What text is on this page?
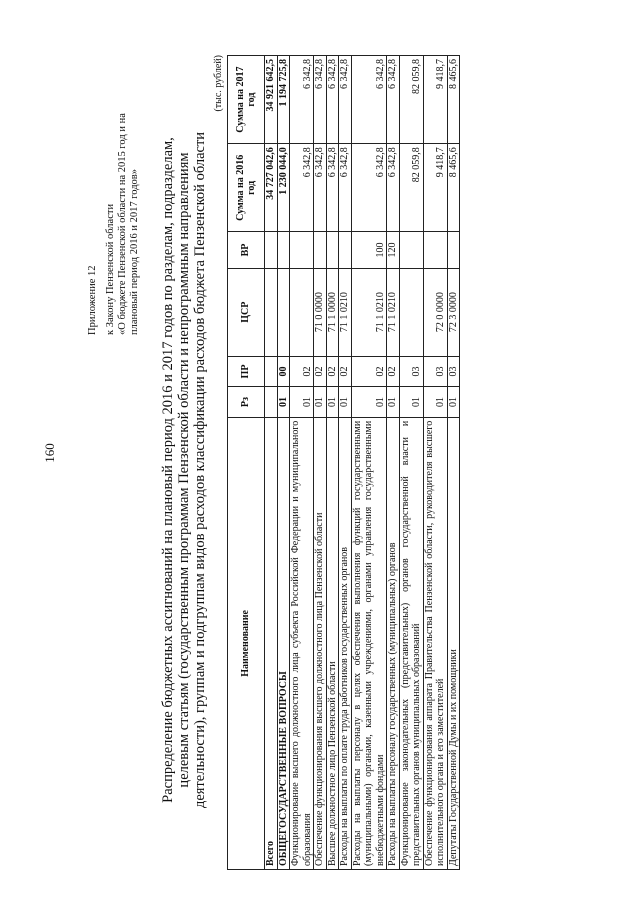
160
Приложение 12 к Закону Пензенской области «О бюджете Пензенской области на 2015 год и на плановый период 2016 и 2017 годов» Распределение бюджетных ассигнований на плановый период 2016 и 2017 годов по разделам, подразделам, целевым статьям (государственным программам Пензенской области и непрограммным направлениям деятельности), группам и подгруппам видов расходов классификации расходов бюджета Пензенской области
(тыс. рублей)
Наименование	Рз	ПР	ЦСР	ВР	Сумма на 2016 год	Сумма на 2017 год
Всего					34 727 042,6	34 921 642,5
ОБЩЕГОСУДАРСТВЕННЫЕ ВОПРОСЫ	01	00			1 230 044,0	1 194 725,8
Функционирование высшего должностного лица субъекта Российской Федерации и муниципального образования	01	02			6 342,8	6 342,8
Обеспечение функционирования высшего должностного лица Пензенской области	01	02	71 0 0000		6 342,8	6 342,8
Высшее должностное лицо Пензенской области	01	02	71 1 0000		6 342,8	6 342,8
Расходы на выплаты по оплате труда работников государственных органов	01	02	71 1 0210		6 342,8	6 342,8
Расходы на выплаты персоналу в целях обеспечения выполнения функций государственными (муниципальными) органами, казенными учреждениями, органами управления государственными внебюджетными фондами	01	02	71 1 0210	100	6 342,8	6 342,8
Расходы на выплаты персоналу государственных (муниципальных) органов	01	02	71 1 0210	120	6 342,8	6 342,8
Функционирование законодательных (представительных) органов государственной власти и представительных органов муниципальных образований	01	03			82 059,8	82 059,8
Обеспечение функционирования аппарата Правительства Пензенской области, руководителя высшего исполнительного органа и его заместителей	01	03	72 0 0000		9 418,7	9 418,7
Депутаты Государственной Думы и их помощники	01	03	72 3 0000		8 465,6	8 465,6
